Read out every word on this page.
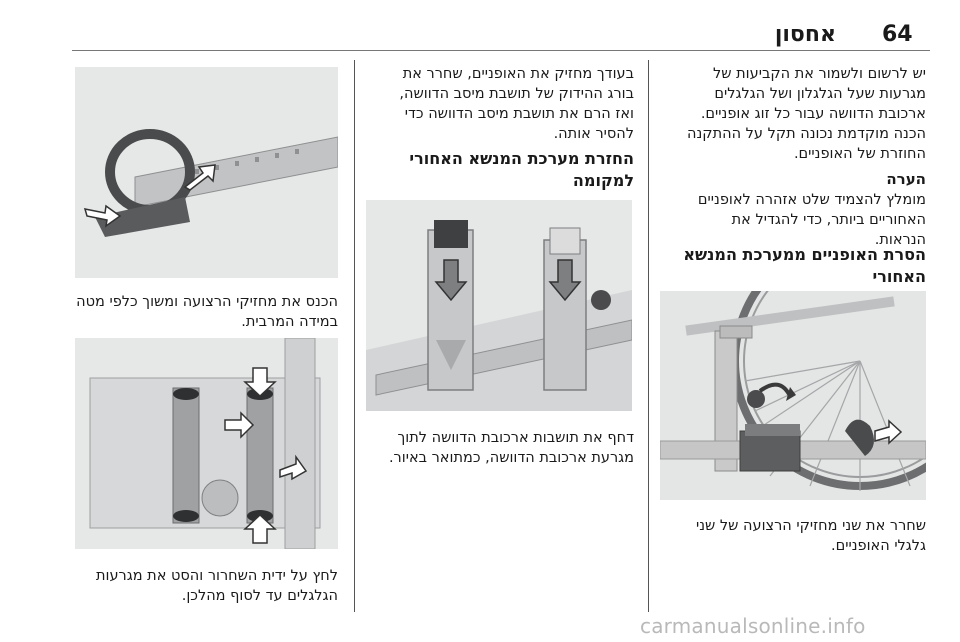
64
אחסון
יש לרשום ולשמור את הקביעות של
מגרעות שעל הגלגלון ושל הגלגלים
ארכובת הדוושה עבור כל זוג אופניים.
הכנה מוקדמת נכונה תקל על ההתקנה
החוזרת של האופניים.
הערה
מומלץ להצמיד שלט אזהרה לאופניים
האחוריים ביותר, כדי להגדיל את
הנראות.
הסרת האופניים ממערכת המנשא
האחורי
שחרר את שני מחזיקי הרצועה של שני
גלגלי האופניים.
בעודך מחזיק את האופניים, שחרר את
בורג ההידוק של תושבת מיסב הדוושה,
ואז הרם את תושבת מיסב הדוושה כדי
להסיר אותה.
החזרת מערכת המנשא האחורי
למקומה
דחף את תושבות ארכובת הדוושה לתוך
מגרעת ארכובת הדוושה, כמתואר באיור.
הכנס את מחזיקי הרצועה ומשוך כלפי מטה
במידה המרבית.
לחץ על ידית השחרור והסט את מגרעות
הגלגלים עד לסוף מהלכן.
carmanualsonline.info
